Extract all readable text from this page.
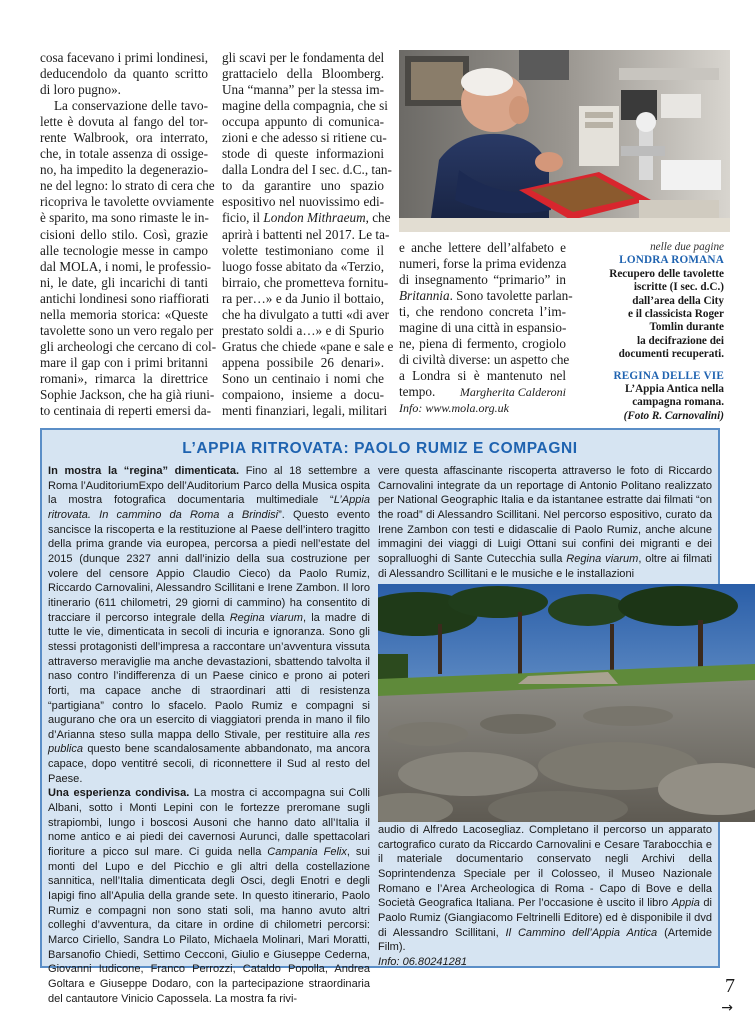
cosa facevano i primi londinesi,
deducendolo da quanto scritto
di loro pugno».
La conservazione delle tavo-
lette è dovuta al fango del tor-
rente Walbrook, ora interrato,
che, in totale assenza di ossige-
no, ha impedito la degenerazio-
ne del legno: lo strato di cera che
ricopriva le tavolette ovviamente
è sparito, ma sono rimaste le in-
cisioni dello stilo. Così, grazie
alle tecnologie messe in campo
dal MOLA, i nomi, le professio-
ni, le date, gli incarichi di tanti
antichi londinesi sono riaffiorati
nella memoria storica: «Queste
tavolette sono un vero regalo per
gli archeologi che cercano di col-
mare il gap con i primi britanni
romani», rimarca la direttrice
Sophie Jackson, che ha già riuni-
to centinaia di reperti emersi da-
gli scavi per le fondamenta del
grattacielo della Bloomberg.
Una “manna” per la stessa im-
magine della compagnia, che si
occupa appunto di comunica-
zioni e che adesso si ritiene cu-
stode di queste informazioni
dalla Londra del I sec. d.C., tan-
to da garantire uno spazio
espositivo nel nuovissimo edi-
ficio, il London Mithraeum, che
aprirà i battenti nel 2017. Le ta-
volette testimoniano come il
luogo fosse abitato da «Terzio,
birraio, che prometteva fornitu-
ra per…» e da Junio il bottaio,
che ha divulgato a tutti «di aver
prestato soldi a…» e di Spurio
Gratus che chiede «pane e sale e
appena possibile 26 denari».
Sono un centinaio i nomi che
compaiono, insieme a docu-
menti finanziari, legali, militari
e anche lettere dell’alfabeto e
numeri, forse la prima evidenza
di insegnamento “primario” in
Britannia. Sono tavolette parlan-
ti, che rendono concreta l’im-
magine di una città in espansio-
ne, piena di fermento, crogiolo
di civiltà diverse: un aspetto che
a Londra si è mantenuto nel
tempo. Margherita Calderoni
Info: www.mola.org.uk
nelle due pagine
LONDRA ROMANA
Recupero delle tavolette
iscritte (I sec. d.C.)
dall’area della City
e il classicista Roger
Tomlin durante
la decifrazione dei
documenti recuperati.
REGINA DELLE VIE
L’Appia Antica nella
campagna romana.
(Foto R. Carnovalini)
L’APPIA RITROVATA: PAOLO RUMIZ E COMPAGNI

In mostra la “regina” dimenticata. Fino al 18 settembre a Roma l’AuditoriumExpo dell’Auditorium Parco della Musica ospita la mostra fotografica documentaria multimediale “L’Appia ritrovata. In cammino da Roma a Brindisi”. Questo evento sancisce la riscoperta e la restituzione al Paese dell’intero tragitto della prima grande via europea, percorsa a piedi nell’estate del 2015 (dunque 2327 anni dall’inizio della sua costruzione per volere del censore Appio Claudio Cieco) da Paolo Rumiz, Riccardo Carnovalini, Alessandro Scillitani e Irene Zambon. Il loro itinerario (611 chilometri, 29 giorni di cammino) ha consentito di tracciare il percorso integrale della Regina viarum, la madre di tutte le vie, dimenticata in secoli di incuria e ignoranza. Sono gli stessi protagonisti dell’impresa a raccontare un’avventura vissuta attraverso meraviglie ma anche devastazioni, sbattendo talvolta il naso contro l’indifferenza di un Paese cinico e prono ai poteri forti, ma capace anche di straordinari atti di resistenza “partigiana” contro lo sfacelo. Paolo Rumiz e compagni si augurano che ora un esercito di viaggiatori prenda in mano il filo d’Arianna steso sulla mappa dello Stivale, per restituire alla res publica questo bene scandalosamente abbandonato, ma ancora capace, dopo ventitré secoli, di riconnettere il Sud al resto del Paese.
Una esperienza condivisa. La mostra ci accompagna sui Colli Albani, sotto i Monti Lepini con le fortezze preromane sugli strapiombi, lungo i boscosi Ausoni che hanno dato all’Italia il nome antico e ai piedi dei cavernosi Aurunci, dalle spettacolari fioriture a picco sul mare. Ci guida nella Campania Felix, sui monti del Lupo e del Picchio e gli altri della costellazione sannitica, nell’Italia dimenticata degli Osci, degli Enotri e degli Iapigi fino all’Apulia della grande sete. In questo itinerario, Paolo Rumiz e compagni non sono stati soli, ma hanno avuto altri colleghi d’avventura, da citare in ordine di chilometri percorsi: Marco Ciriello, Sandra Lo Pilato, Michaela Molinari, Mari Moratti, Barsanofio Chiedi, Settimo Cecconi, Giulio e Giuseppe Cederna, Giovanni Iudicone, Franco Perrozzi, Cataldo Popolla, Andrea Goltara e Giuseppe Dodaro, con la partecipazione straordinaria del cantautore Vinicio Capossela. La mostra fa rivi-

vere questa affascinante riscoperta attraverso le foto di Riccardo Carnovalini integrate da un reportage di Antonio Politano realizzato per National Geographic Italia e da istantanee estratte dai filmati “on the road” di Alessandro Scillitani. Nel percorso espositivo, curato da Irene Zambon con testi e didascalie di Paolo Rumiz, anche alcune immagini dei viaggi di Luigi Ottani sui confini dei migranti e dei sopralluoghi di Sante Cutecchia sulla Regina viarum, oltre ai filmati di Alessandro Scillitani e le musiche e le installazioni

audio di Alfredo Lacosegliaz. Completano il percorso un apparato cartografico curato da Riccardo Carnovalini e Cesare Tarabocchia e il materiale documentario conservato negli Archivi della Soprintendenza Speciale per il Colosseo, il Museo Nazionale Romano e l’Area Archeologica di Roma - Capo di Bove e della Società Geografica Italiana. Per l’occasione è uscito il libro Appia di Paolo Rumiz (Giangiacomo Feltrinelli Editore) ed è disponibile il dvd di Alessandro Scillitani, Il Cammino dell’Appia Antica (Artemide Film).
Info: 06.80241281

7
→
